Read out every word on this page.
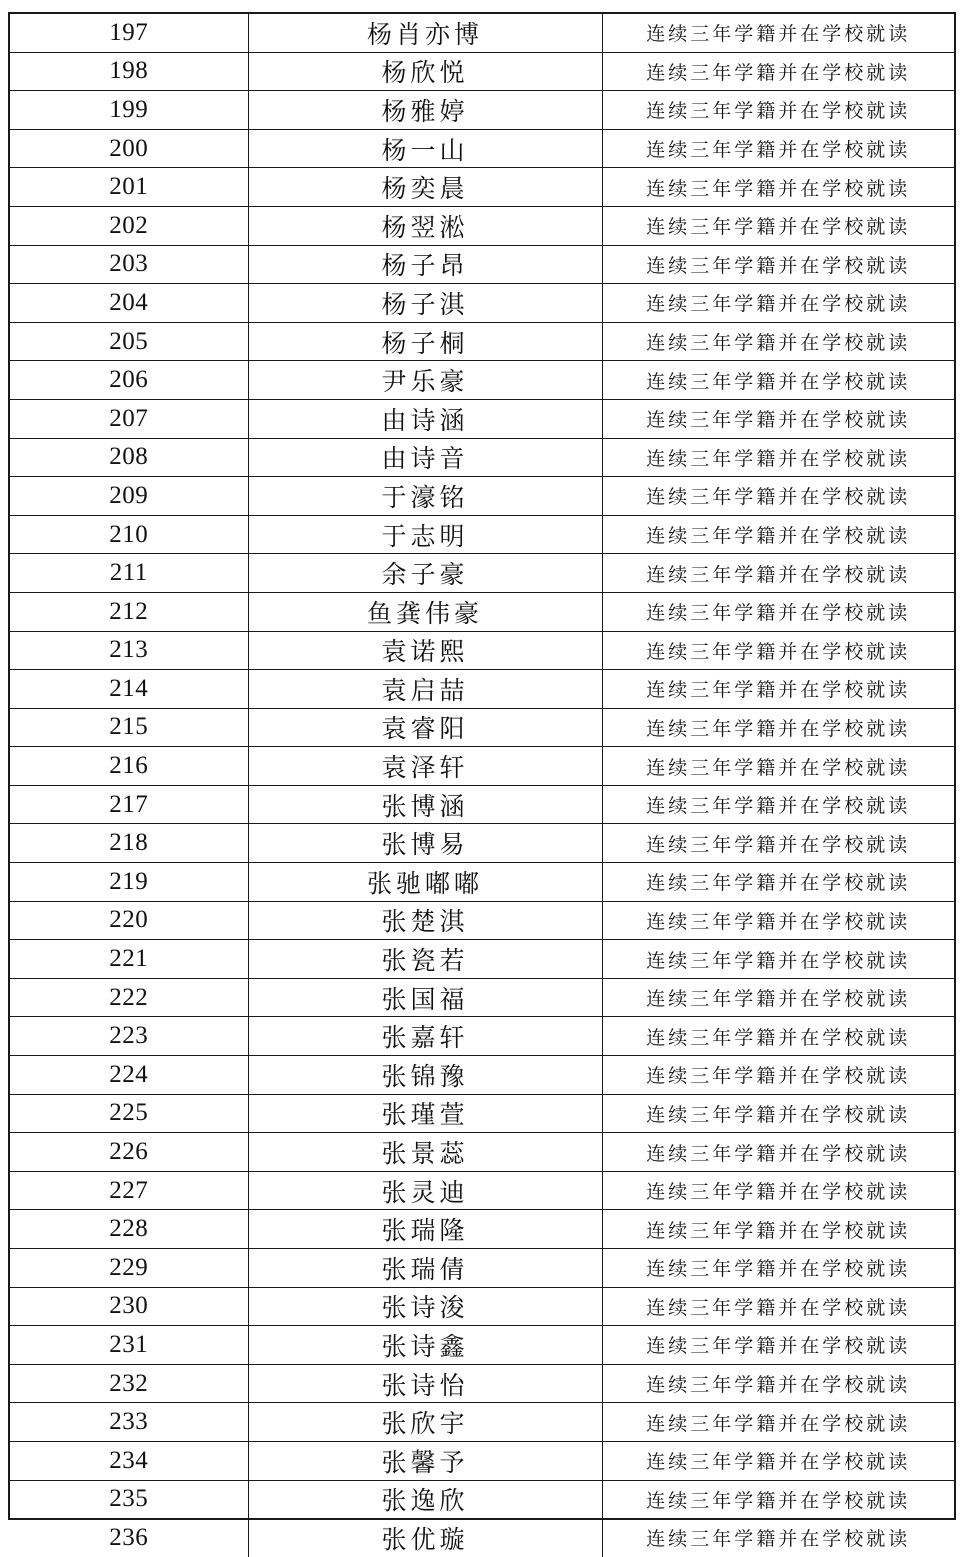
197	杨肖亦博	连续三年学籍并在学校就读
198	杨欣悦	连续三年学籍并在学校就读
199	杨雅婷	连续三年学籍并在学校就读
200	杨一山	连续三年学籍并在学校就读
201	杨奕晨	连续三年学籍并在学校就读
202	杨翌淞	连续三年学籍并在学校就读
203	杨子昂	连续三年学籍并在学校就读
204	杨子淇	连续三年学籍并在学校就读
205	杨子桐	连续三年学籍并在学校就读
206	尹乐豪	连续三年学籍并在学校就读
207	由诗涵	连续三年学籍并在学校就读
208	由诗音	连续三年学籍并在学校就读
209	于濠铭	连续三年学籍并在学校就读
210	于志明	连续三年学籍并在学校就读
211	余子豪	连续三年学籍并在学校就读
212	鱼龚伟豪	连续三年学籍并在学校就读
213	袁诺熙	连续三年学籍并在学校就读
214	袁启喆	连续三年学籍并在学校就读
215	袁睿阳	连续三年学籍并在学校就读
216	袁泽轩	连续三年学籍并在学校就读
217	张博涵	连续三年学籍并在学校就读
218	张博易	连续三年学籍并在学校就读
219	张驰嘟嘟	连续三年学籍并在学校就读
220	张楚淇	连续三年学籍并在学校就读
221	张瓷若	连续三年学籍并在学校就读
222	张国福	连续三年学籍并在学校就读
223	张嘉轩	连续三年学籍并在学校就读
224	张锦豫	连续三年学籍并在学校就读
225	张瑾萱	连续三年学籍并在学校就读
226	张景蕊	连续三年学籍并在学校就读
227	张灵迪	连续三年学籍并在学校就读
228	张瑞隆	连续三年学籍并在学校就读
229	张瑞倩	连续三年学籍并在学校就读
230	张诗浚	连续三年学籍并在学校就读
231	张诗鑫	连续三年学籍并在学校就读
232	张诗怡	连续三年学籍并在学校就读
233	张欣宇	连续三年学籍并在学校就读
234	张馨予	连续三年学籍并在学校就读
235	张逸欣	连续三年学籍并在学校就读
236	张优璇	连续三年学籍并在学校就读
